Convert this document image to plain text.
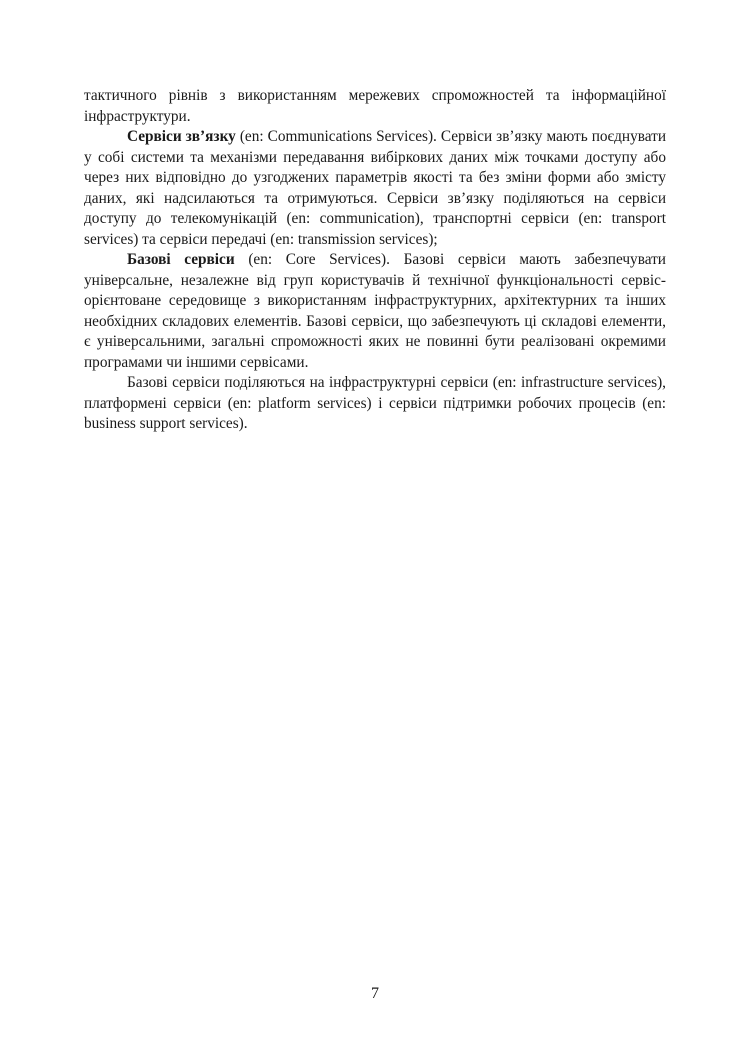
тактичного рівнів з використанням мережевих спроможностей та інформаційної інфраструктури.

Сервіси зв’язку (en: Communications Services). Сервіси зв’язку мають поєднувати у собі системи та механізми передавання вибіркових даних між точками доступу або через них відповідно до узгоджених параметрів якості та без зміни форми або змісту даних, які надсилаються та отримуються. Сервіси зв’язку поділяються на сервіси доступу до телекомунікацій (en: communication), транспортні сервіси (en: transport services) та сервіси передачі (en: transmission services);

Базові сервіси (en: Core Services). Базові сервіси мають забезпечувати універсальне, незалежне від груп користувачів й технічної функціональності сервіс-орієнтоване середовище з використанням інфраструктурних, архітектурних та інших необхідних складових елементів. Базові сервіси, що забезпечують ці складові елементи, є універсальними, загальні спроможності яких не повинні бути реалізовані окремими програмами чи іншими сервісами.

Базові сервіси поділяються на інфраструктурні сервіси (en: infrastructure services), платформені сервіси (en: platform services) і сервіси підтримки робочих процесів (en: business support services).

7
